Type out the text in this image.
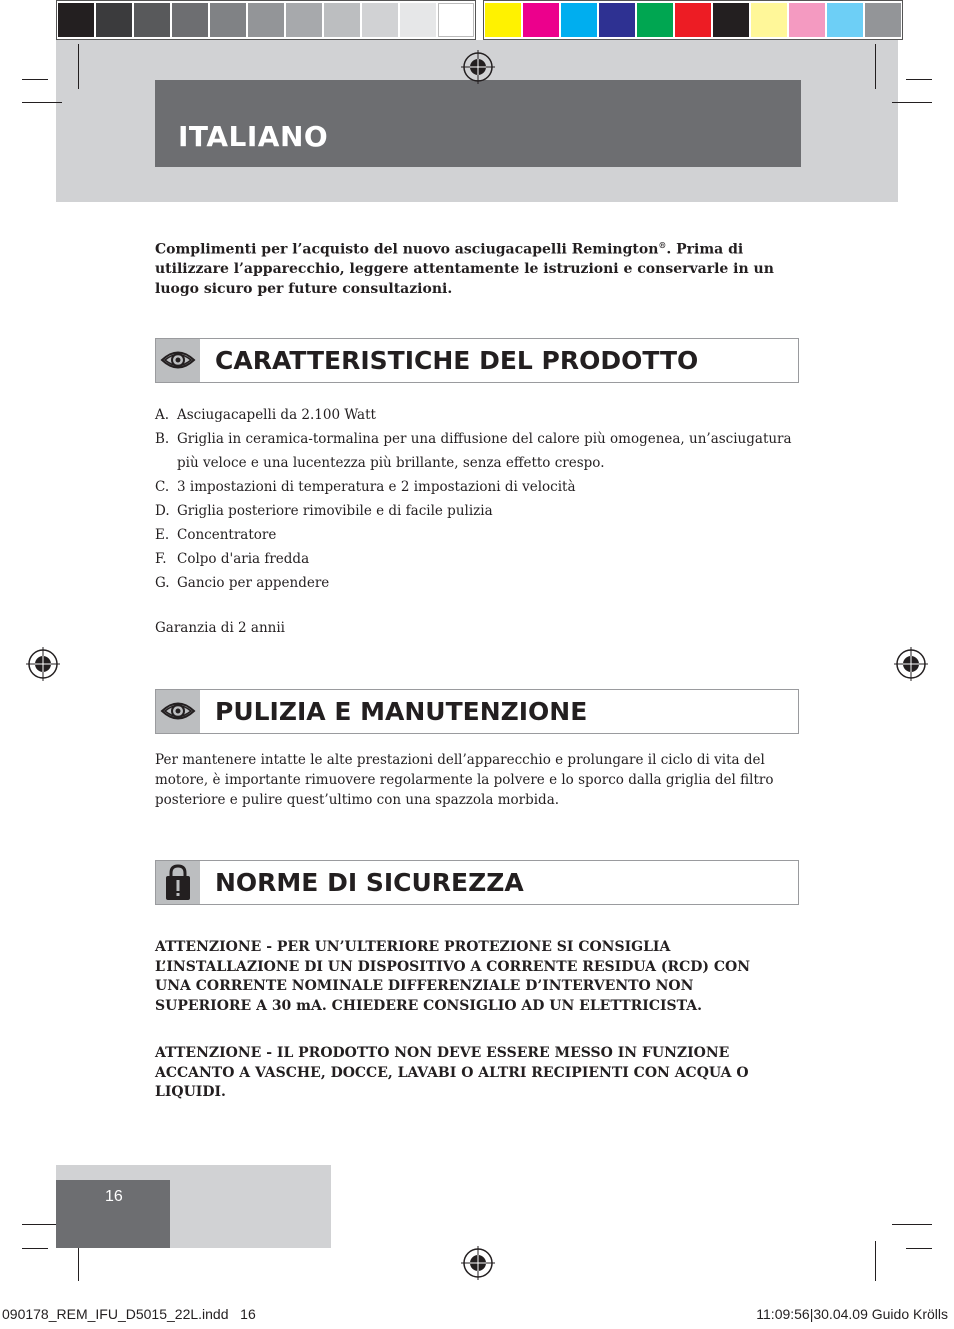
ITALIANO
Complimenti per l’acquisto del nuovo asciugacapelli Remington®. Prima di utilizzare l’apparecchio, leggere attentamente le istruzioni e conservarle in un luogo sicuro per future consultazioni.
CARATTERISTICHE DEL PRODOTTO
A. Asciugacapelli da 2.100 Watt
B. Griglia in ceramica-tormalina per una diffusione del calore più omogenea, un’asciugatura più veloce e una lucentezza più brillante, senza effetto crespo.
C. 3 impostazioni di temperatura e 2 impostazioni di velocità
D. Griglia posteriore rimovibile e di facile pulizia
E. Concentratore
F. Colpo d'aria fredda
G. Gancio per appendere
Garanzia di 2 annii
PULIZIA E MANUTENZIONE
Per mantenere intatte le alte prestazioni dell’apparecchio e prolungare il ciclo di vita del motore, è importante rimuovere regolarmente la polvere e lo sporco dalla griglia del filtro posteriore e pulire quest’ultimo con una spazzola morbida.
NORME DI SICUREZZA
ATTENZIONE - PER UN’ULTERIORE PROTEZIONE SI CONSIGLIA L’INSTALLAZIONE DI UN DISPOSITIVO A CORRENTE RESIDUA (RCD) CON UNA CORRENTE NOMINALE DIFFERENZIALE D’INTERVENTO NON SUPERIORE A 30 mA. CHIEDERE CONSIGLIO AD UN ELETTRICISTA.
ATTENZIONE - IL PRODOTTO NON DEVE ESSERE MESSO IN FUNZIONE ACCANTO A VASCHE, DOCCE, LAVABI O ALTRI RECIPIENTI CON ACQUA O LIQUIDI.
16
090178_REM_IFU_D5015_22L.indd   16	11:09:56|30.04.09 Guido Krölls
